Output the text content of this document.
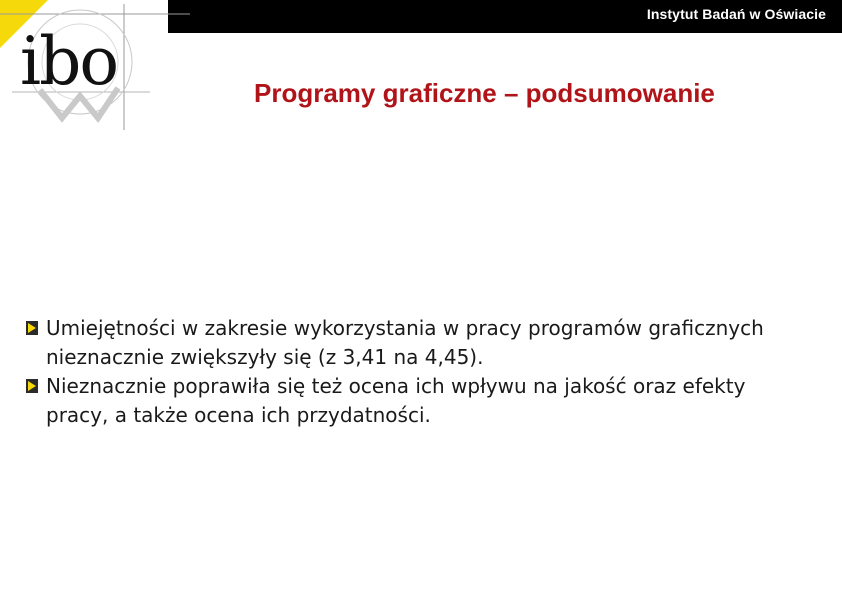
Instytut Badań w Oświacie
ibo	Programy graficzne – podsumowanie
Umiejętności w zakresie wykorzystania w pracy programów graficznych nieznacznie zwiększyły się (z 3,41 na 4,45).
Nieznacznie poprawiła się też ocena ich wpływu na jakość oraz efekty pracy, a także ocena ich przydatności.
